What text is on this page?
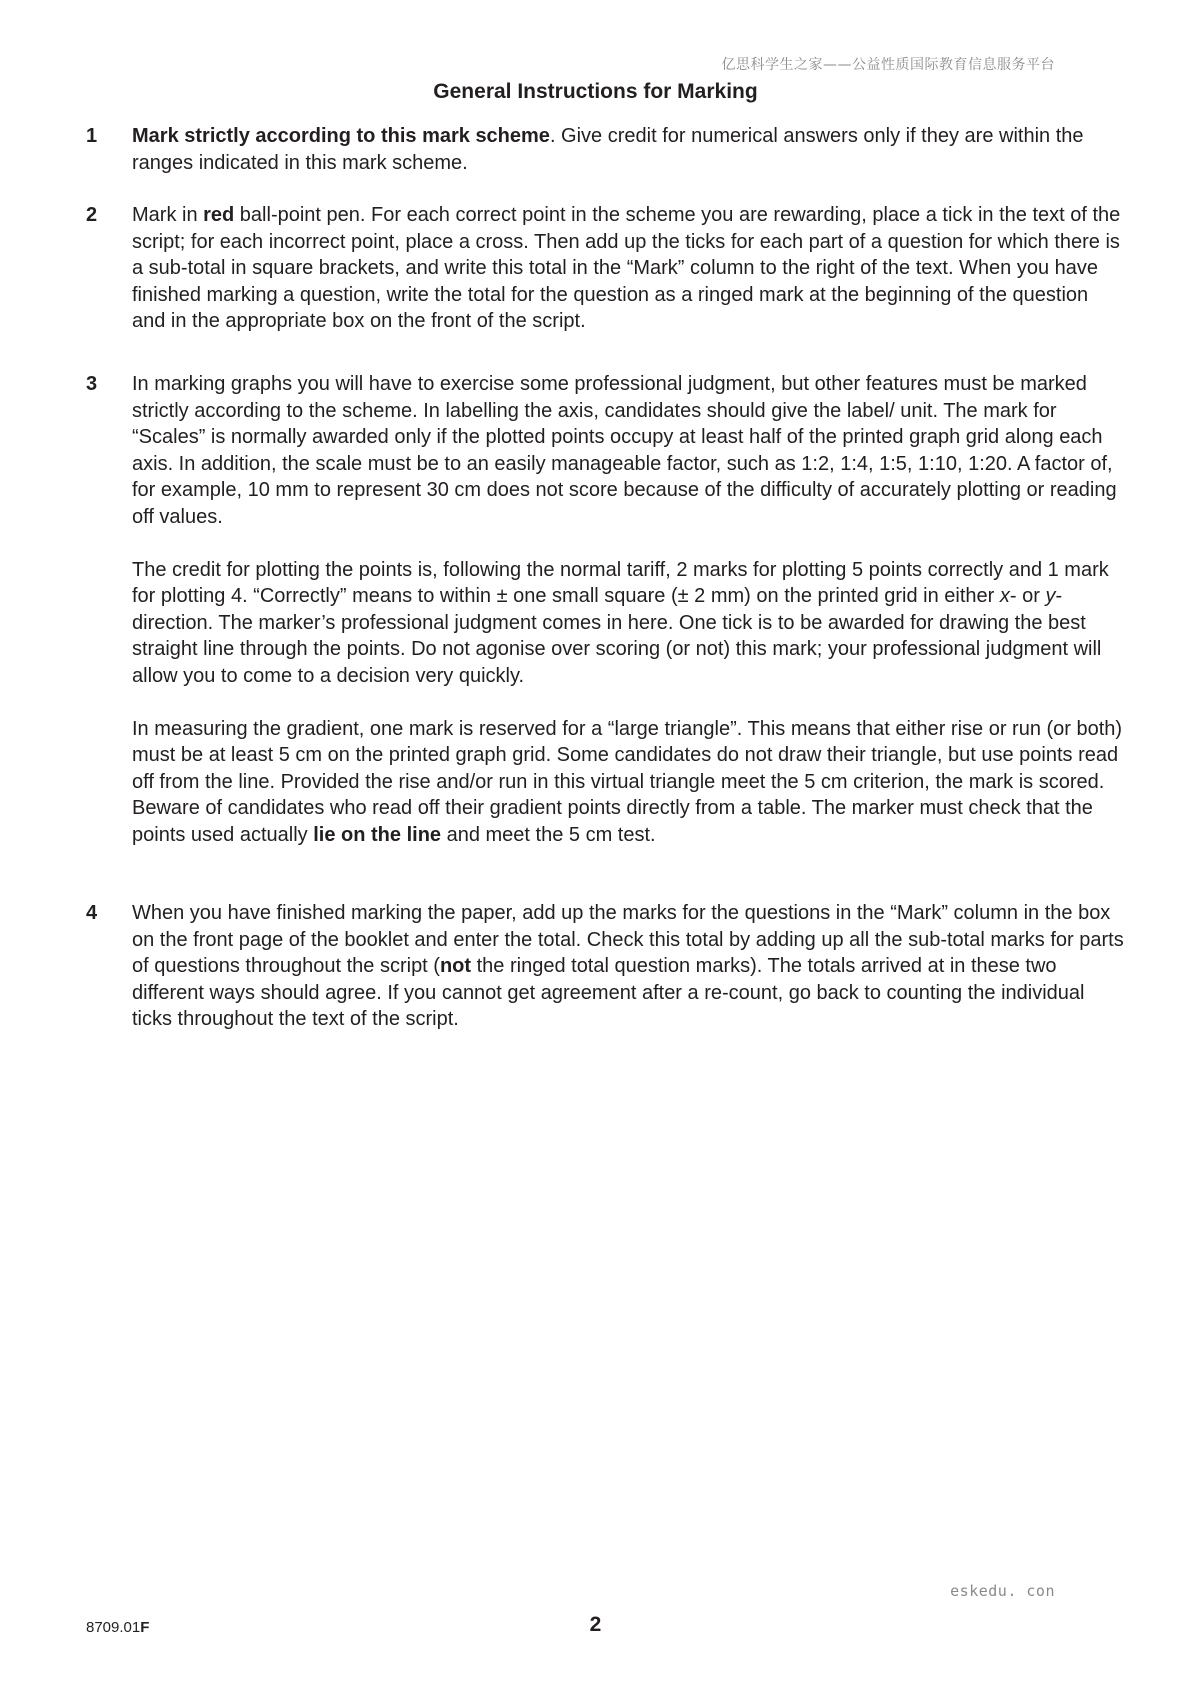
亿思科学生之家——公益性质国际教育信息服务平台
General Instructions for Marking
1	Mark strictly according to this mark scheme. Give credit for numerical answers only if they are within the ranges indicated in this mark scheme.

2	Mark in red ball-point pen. For each correct point in the scheme you are rewarding, place a tick in the text of the script; for each incorrect point, place a cross. Then add up the ticks for each part of a question for which there is a sub-total in square brackets, and write this total in the “Mark” column to the right of the text. When you have finished marking a question, write the total for the question as a ringed mark at the beginning of the question and in the appropriate box on the front of the script.

3	In marking graphs you will have to exercise some professional judgment, but other features must be marked strictly according to the scheme. In labelling the axis, candidates should give the label/ unit. The mark for “Scales” is normally awarded only if the plotted points occupy at least half of the printed graph grid along each axis. In addition, the scale must be to an easily manageable factor, such as 1:2, 1:4, 1:5, 1:10, 1:20. A factor of, for example, 10 mm to represent 30 cm does not score because of the difficulty of accurately plotting or reading off values.

The credit for plotting the points is, following the normal tariff, 2 marks for plotting 5 points correctly and 1 mark for plotting 4. “Correctly” means to within ± one small square (± 2 mm) on the printed grid in either x- or y-direction. The marker’s professional judgment comes in here. One tick is to be awarded for drawing the best straight line through the points. Do not agonise over scoring (or not) this mark; your professional judgment will allow you to come to a decision very quickly.

In measuring the gradient, one mark is reserved for a “large triangle”. This means that either rise or run (or both) must be at least 5 cm on the printed graph grid. Some candidates do not draw their triangle, but use points read off from the line. Provided the rise and/or run in this virtual triangle meet the 5 cm criterion, the mark is scored. Beware of candidates who read off their gradient points directly from a table. The marker must check that the points used actually lie on the line and meet the 5 cm test.

4	When you have finished marking the paper, add up the marks for the questions in the “Mark” column in the box on the front page of the booklet and enter the total. Check this total by adding up all the sub-total marks for parts of questions throughout the script (not the ringed total question marks). The totals arrived at in these two different ways should agree. If you cannot get agreement after a re-count, go back to counting the individual ticks throughout the text of the script.

eskedu. con
8709.01F	2
